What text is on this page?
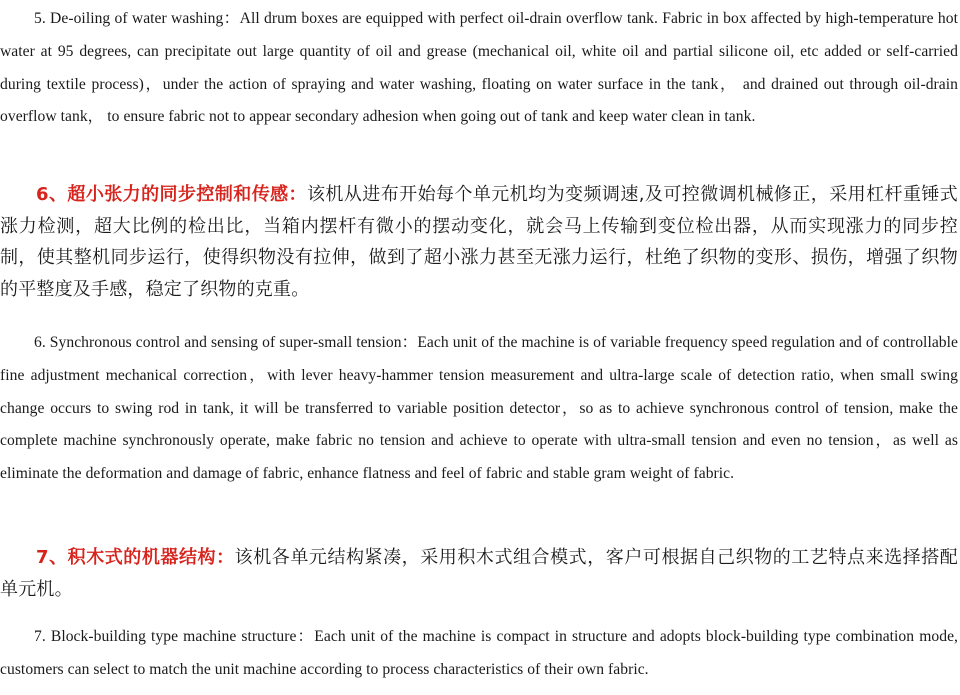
5. De-oiling of water washing：All drum boxes are equipped with perfect oil-drain overflow tank. Fabric in box affected by high-temperature hot water at 95 degrees, can precipitate out large quantity of oil and grease (mechanical oil, white oil and partial silicone oil, etc added or self-carried during textile process)，under the action of spraying and water washing, floating on water surface in the tank， and drained out through oil-drain overflow tank， to ensure fabric not to appear secondary adhesion when going out of tank and keep water clean in tank.

6、超小张力的同步控制和传感：该机从进布开始每个单元机均为变频调速,及可控微调机械修正，采用杠杆重锤式涨力检测，超大比例的检出比，当箱内摆杆有微小的摆动变化，就会马上传输到变位检出器，从而实现涨力的同步控制，使其整机同步运行，使得织物没有拉伸，做到了超小涨力甚至无涨力运行，杜绝了织物的变形、损伤，增强了织物的平整度及手感，稳定了织物的克重。

6. Synchronous control and sensing of super-small tension：Each unit of the machine is of variable frequency speed regulation and of controllable fine adjustment mechanical correction，with lever heavy-hammer tension measurement and ultra-large scale of detection ratio, when small swing change occurs to swing rod in tank, it will be transferred to variable position detector，so as to achieve synchronous control of tension, make the complete machine synchronously operate, make fabric no tension and achieve to operate with ultra-small tension and even no tension，as well as eliminate the deformation and damage of fabric, enhance flatness and feel of fabric and stable gram weight of fabric.

7、积木式的机器结构：该机各单元结构紧凑，采用积木式组合模式，客户可根据自己织物的工艺特点来选择搭配单元机。

7. Block-building type machine structure：Each unit of the machine is compact in structure and adopts block-building type combination mode, customers can select to match the unit machine according to process characteristics of their own fabric.
